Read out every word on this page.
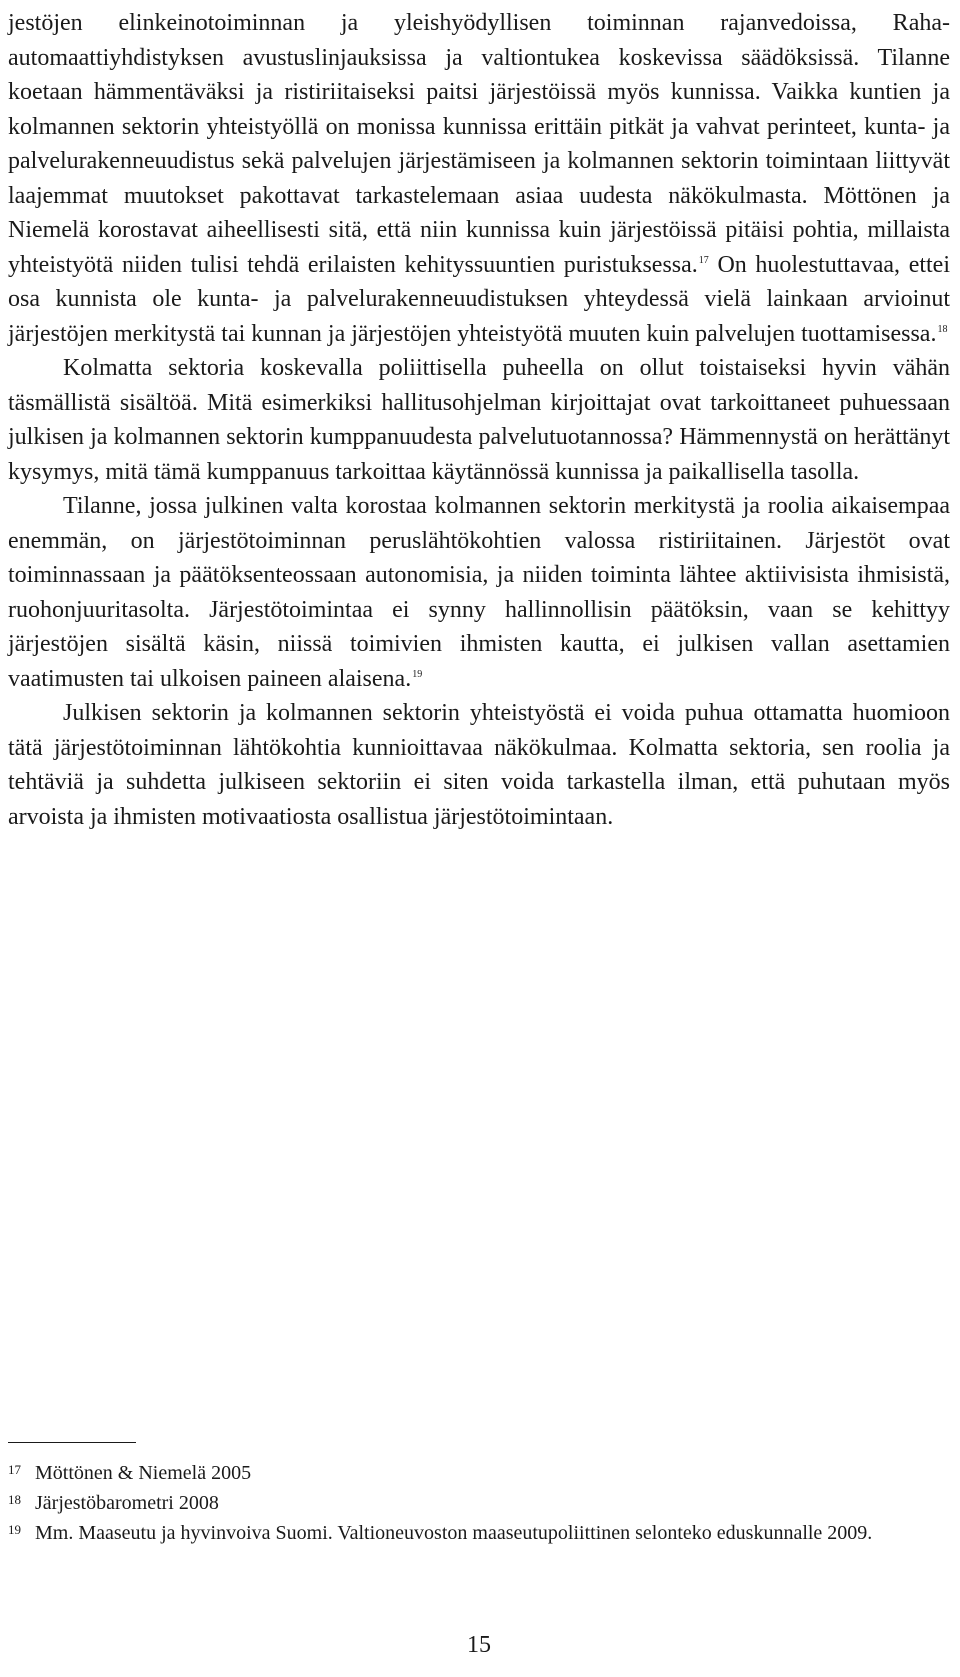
jestöjen elinkeinotoiminnan ja yleishyödyllisen toiminnan rajanvedoissa, Rahaautomaattiyhdistyksen avustuslinjauksissa ja valtiontukea koskevissa säädöksissä. Tilanne koetaan hämmentäväksi ja ristiriitaiseksi paitsi järjestöissä myös kunnissa. Vaikka kuntien ja kolmannen sektorin yhteistyöllä on monissa kunnissa erittäin pitkät ja vahvat perinteet, kunta- ja palvelurakenneuudistus sekä palvelujen järjestämiseen ja kolmannen sektorin toimintaan liittyvät laajemmat muutokset pakottavat tarkastelemaan asiaa uudesta näkökulmasta. Möttönen ja Niemelä korostavat aiheellisesti sitä, että niin kunnissa kuin järjestöissä pitäisi pohtia, millaista yhteistyötä niiden tulisi tehdä erilaisten kehityssuuntien puristuksessa.$^{17}$ On huolestuttavaa, ettei osa kunnista ole kunta- ja palvelurakenneuudistuksen yhteydessä vielä lainkaan arvioinut järjestöjen merkitystä tai kunnan ja järjestöjen yhteistyötä muuten kuin palvelujen tuottamisessa.$^{18}$

Kolmatta sektoria koskevalla poliittisella puheella on ollut toistaiseksi hyvin vähän täsmällistä sisältöä. Mitä esimerkiksi hallitusohjelman kirjoittajat ovat tarkoittaneet puhuessaan julkisen ja kolmannen sektorin kumppanuudesta palvelutuotannossa? Hämmennystä on herättänyt kysymys, mitä tämä kumppanuus tarkoittaa käytännössä kunnissa ja paikallisella tasolla.

Tilanne, jossa julkinen valta korostaa kolmannen sektorin merkitystä ja roolia aikaisempaa enemmän, on järjestötoiminnan peruslähtökohtien valossa ristiriitainen. Järjestöt ovat toiminnassaan ja päätöksenteossaan autonomisia, ja niiden toiminta lähtee aktiivisista ihmisistä, ruohonjuuritasolta. Järjestötoimintaa ei synny hallinnollisin päätöksin, vaan se kehittyy järjestöjen sisältä käsin, niissä toimivien ihmisten kautta, ei julkisen vallan asettamien vaatimusten tai ulkoisen paineen alaisena.$^{19}$

Julkisen sektorin ja kolmannen sektorin yhteistyöstä ei voida puhua ottamatta huomioon tätä järjestötoiminnan lähtökohtia kunnioittavaa näkökulmaa. Kolmatta sektoria, sen roolia ja tehtäviä ja suhdetta julkiseen sektoriin ei siten voida tarkastella ilman, että puhutaan myös arvoista ja ihmisten motivaatiosta osallistua järjestötoimintaan.

17 Möttönen & Niemelä 2005
18 Järjestöbarometri 2008
19 Mm. Maaseutu ja hyvinvoiva Suomi. Valtioneuvoston maaseutupoliittinen selonteko eduskunnalle 2009.
15
